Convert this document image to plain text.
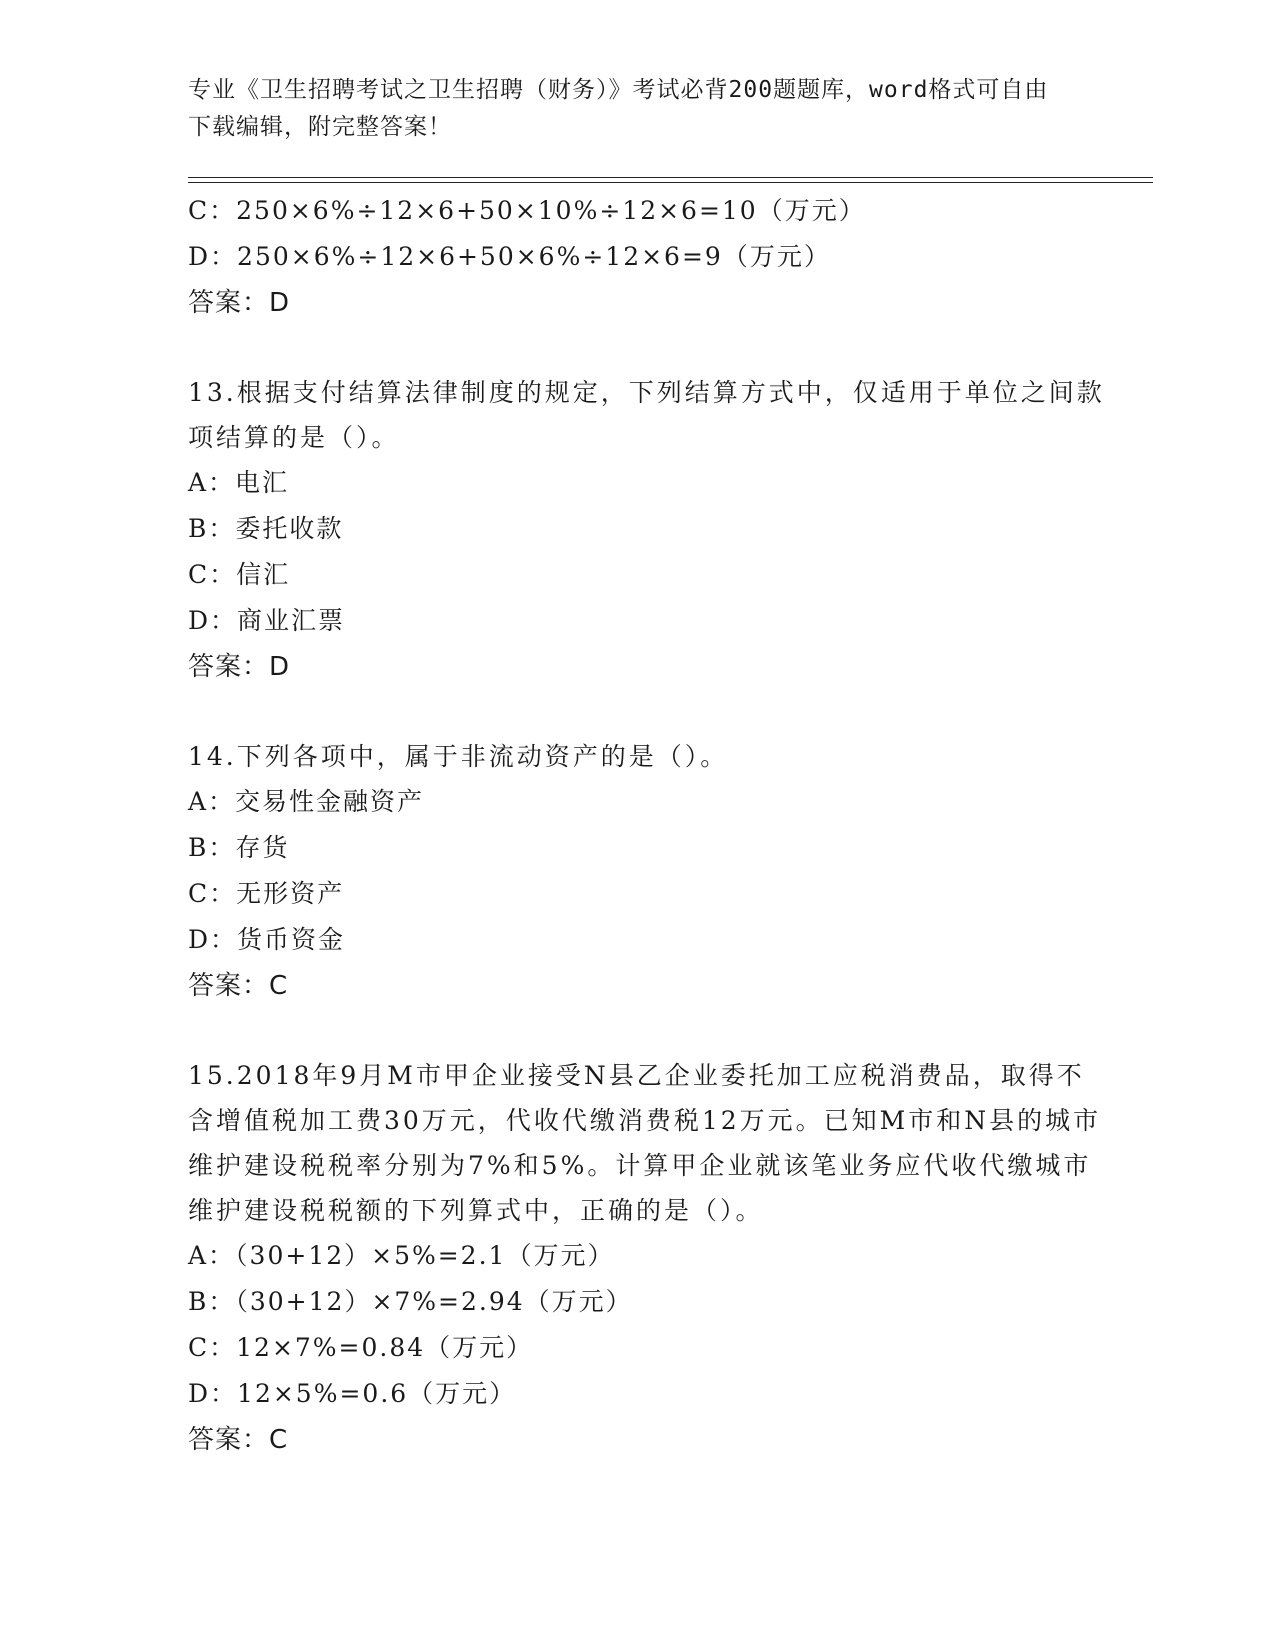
专业《卫生招聘考试之卫生招聘（财务）》考试必背200题题库，word格式可自由下载编辑，附完整答案！
C：250×6%÷12×6+50×10%÷12×6=10（万元）
D：250×6%÷12×6+50×6%÷12×6=9（万元）
答案：D
13.根据支付结算法律制度的规定，下列结算方式中，仅适用于单位之间款项结算的是（）。
A：电汇
B：委托收款
C：信汇
D：商业汇票
答案：D
14.下列各项中，属于非流动资产的是（）。
A：交易性金融资产
B：存货
C：无形资产
D：货币资金
答案：C
15.2018年9月M市甲企业接受N县乙企业委托加工应税消费品，取得不含增值税加工费30万元，代收代缴消费税12万元。已知M市和N县的城市维护建设税税率分别为7%和5%。计算甲企业就该笔业务应代收代缴城市维护建设税税额的下列算式中，正确的是（）。
A：（30+12）×5%=2.1（万元）
B：（30+12）×7%=2.94（万元）
C：12×7%=0.84（万元）
D：12×5%=0.6（万元）
答案：C
